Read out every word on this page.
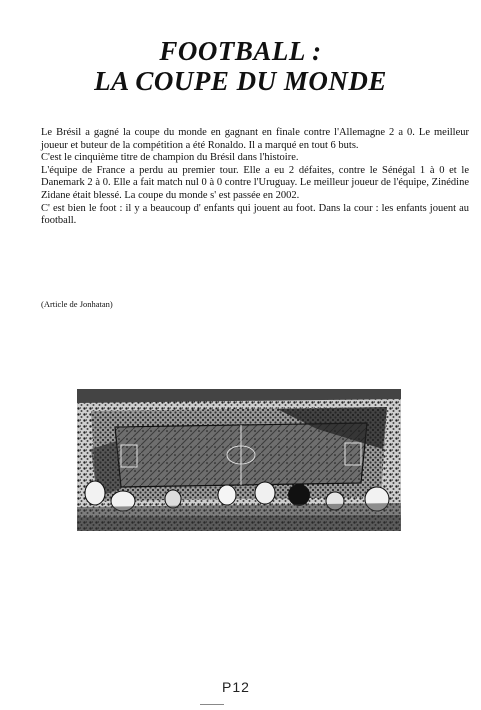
FOOTBALL :
LA COUPE DU MONDE

Le Brésil a gagné la coupe du monde en gagnant en finale contre l'Allemagne 2 a 0. Le meilleur joueur et buteur de la compétition a été Ronaldo. Il a marqué en tout 6 buts.

C'est le cinquième titre de champion du Brésil dans l'histoire.

L'équipe de France a perdu au premier tour. Elle a eu 2 défaites, contre le Sénégal 1 à 0 et le Danemark 2 à 0. Elle a fait match nul 0 à 0 contre l'Uruguay. Le meilleur joueur de l'équipe, Zinédine Zidane était blessé. La coupe du monde s' est passée en 2002.

C' est bien le foot : il y a beaucoup d' enfants qui jouent au foot. Dans la cour : les enfants jouent au football.

(Article de Jonhatan)
P12
